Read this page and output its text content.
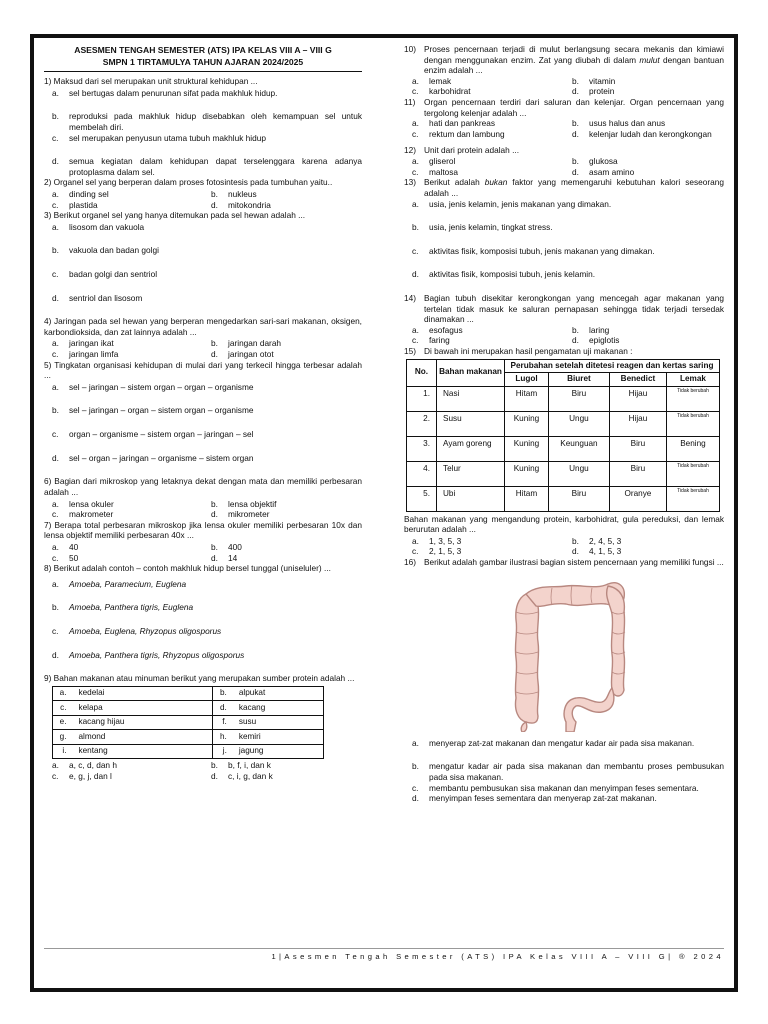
ASESMEN TENGAH SEMESTER (ATS) IPA KELAS VIII A – VIII G
SMPN 1 TIRTAMULYA TAHUN AJARAN 2024/2025
1) Maksud dari sel merupakan unit struktural kehidupan ...
a.	sel bertugas dalam penurunan sifat pada makhluk hidup.
b.	reproduksi pada makhluk hidup disebabkan oleh kemampuan sel untuk membelah diri.
c.	sel merupakan penyusun utama tubuh makhluk hidup
d.	semua kegiatan dalam kehidupan dapat terselenggara karena adanya protoplasma dalam sel.
2) Organel sel yang berperan dalam proses fotosintesis pada tumbuhan yaitu..
a.	dinding sel	b.	nukleus
c.	plastida	d.	mitokondria
3) Berikut organel sel yang hanya ditemukan pada sel hewan adalah ...
a.	lisosom dan vakuola
b.	vakuola dan badan golgi
c.	badan golgi dan sentriol
d.	sentriol dan lisosom
4) Jaringan pada sel hewan yang berperan mengedarkan sari-sari makanan, oksigen, karbondioksida, dan zat lainnya adalah ...
a.	jaringan ikat	b.	jaringan darah
c.	jaringan limfa	d.	jaringan otot
5) Tingkatan organisasi kehidupan di mulai dari yang terkecil hingga terbesar adalah ...
a.	sel – jaringan – sistem organ – organ – organisme
b.	sel – jaringan – organ – sistem organ – organisme
c.	organ – organisme – sistem organ – jaringan – sel
d.	sel – organ – jaringan – organisme – sistem organ
6) Bagian dari mikroskop yang letaknya dekat dengan mata dan memiliki perbesaran adalah ...
a.	lensa okuler	b.	lensa objektif
c.	makrometer	d.	mikrometer
7) Berapa total perbesaran mikroskop jika lensa okuler memiliki perbesaran 10x dan lensa objektif memiliki perbesaran 40x ...
a.	40	b.	400
c.	50	d.	14
8) Berikut adalah contoh – contoh makhluk hidup bersel tunggal (uniseluler) ...
a.	Amoeba, Paramecium, Euglena
b.	Amoeba, Panthera tigris, Euglena
c.	Amoeba, Euglena, Rhyzopus oligosporus
d.	Amoeba, Panthera tigris, Rhyzopus oligosporus
9) Bahan makanan atau minuman berikut yang merupakan sumber protein adalah ...
a.	kedelai	b.	alpukat
c.	kelapa	d.	kacang
e.	kacang hijau	f.	susu
g.	almond	h.	kemiri
i.	kentang	j.	jagung
a.	a, c, d, dan h	b.	b, f, i, dan k
c.	e, g, j, dan l	d.	c, i, g, dan k
10) Proses pencernaan terjadi di mulut berlangsung secara mekanis dan kimiawi dengan menggunakan enzim. Zat yang diubah di dalam mulut dengan bantuan enzim adalah ...
a.	lemak	b.	vitamin
c.	karbohidrat	d.	protein
11)	Organ pencernaan terdiri dari saluran dan kelenjar. Organ pencernaan yang tergolong kelenjar adalah ...
a.	hati dan pankreas	b.	usus halus dan anus
c.	rektum dan lambung	d.	kelenjar ludah dan kerongkongan
12) Unit dari protein adalah ...
a.	gliserol	b.	glukosa
c.	maltosa	d.	asam amino
13) Berikut adalah bukan faktor yang memengaruhi kebutuhan kalori seseorang adalah ...
a.	usia, jenis kelamin, jenis makanan yang dimakan.
b.	usia, jenis kelamin, tingkat stress.
c.	aktivitas fisik, komposisi tubuh, jenis makanan yang dimakan.
d.	aktivitas fisik, komposisi tubuh, jenis kelamin.
14) Bagian tubuh disekitar kerongkongan yang mencegah agar makanan yang tertelan tidak masuk ke saluran pernapasan sehingga tidak terjadi tersedak dinamakan ...
a.	esofagus	b.	laring
c.	faring	d.	epiglotis
15) Di bawah ini merupakan hasil pengamatan uji makanan :
No.	Bahan makanan	Perubahan setelah ditetesi reagen dan kertas saring			
		Lugol	Biuret	Benedict	Lemak
1.	Nasi	Hitam	Biru	Hijau	Tidak berubah

2.	Susu	Kuning	Ungu	Hijau	Tidak berubah

3.	Ayam goreng	Kuning	Keunguan	Biru	Bening
4.	Telur	Kuning	Ungu	Biru	Tidak berubah

5.	Ubi	Hitam	Biru	Oranye	Tidak berubah
Bahan makanan yang mengandung protein, karbohidrat, gula pereduksi, dan lemak berurutan adalah ...
a.	1, 3, 5, 3	b.	2, 4, 5, 3
c.	2, 1, 5, 3	d.	4, 1, 5, 3
16) Berikut adalah gambar ilustrasi bagian sistem pencernaan yang memiliki fungsi ...
a.	menyerap zat-zat makanan dan mengatur kadar air pada sisa makanan.
b.	mengatur kadar air pada sisa makanan dan membantu proses pembusukan pada sisa makanan.
c.	membantu pembusukan sisa makanan dan menyimpan feses sementara.
d.	menyimpan feses sementara dan menyerap zat-zat makanan.
1|Asesmen Tengah Semester (ATS) IPA Kelas VIII A – VIII G| ® 2024
